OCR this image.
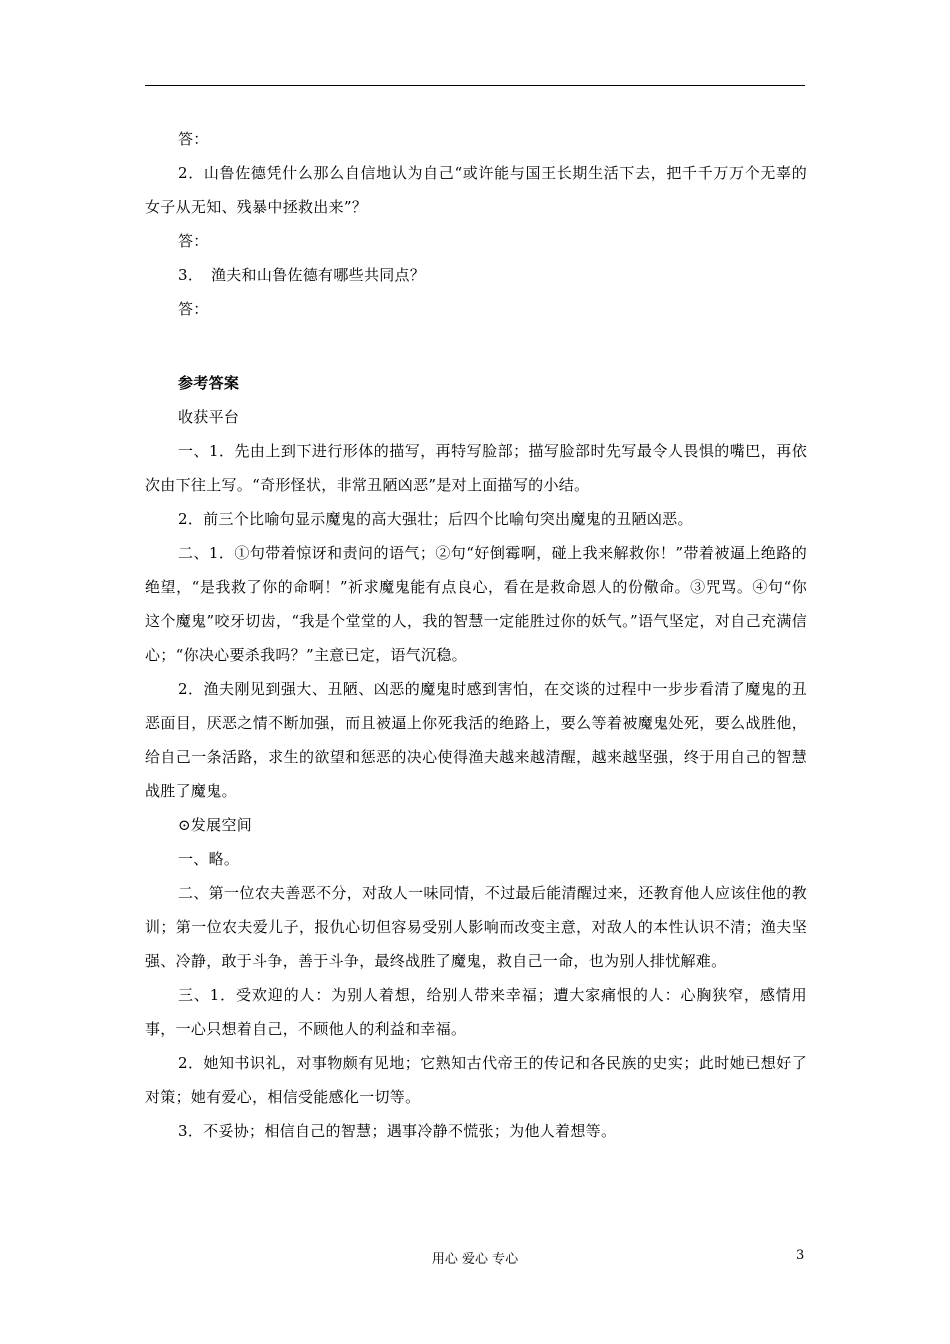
答：

2．山鲁佐德凭什么那么自信地认为自己“或许能与国王长期生活下去，把千千万万个无辜的女子从无知、残暴中拯救出来”？

答：

3．　渔夫和山鲁佐德有哪些共同点？

答：

参考答案

收获平台

一、1．先由上到下进行形体的描写，再特写脸部；描写脸部时先写最令人畏惧的嘴巴，再依次由下往上写。“奇形怪状，非常丑陋凶恶”是对上面描写的小结。

2．前三个比喻句显示魔鬼的高大强壮；后四个比喻句突出魔鬼的丑陋凶恶。

二、1．①句带着惊讶和责问的语气；②句“好倒霉啊，碰上我来解救你！”带着被逼上绝路的绝望，“是我救了你的命啊！”祈求魔鬼能有点良心，看在是救命恩人的份儆命。③咒骂。④句“你这个魔鬼”咬牙切齿，“我是个堂堂的人，我的智慧一定能胜过你的妖气。”语气坚定，对自己充满信心；“你决心要杀我吗？”主意已定，语气沉稳。

2．渔夫刚见到强大、丑陋、凶恶的魔鬼时感到害怕，在交谈的过程中一步步看清了魔鬼的丑恶面目，厌恶之情不断加强，而且被逼上你死我活的绝路上，要么等着被魔鬼处死，要么战胜他，给自己一条活路，求生的欲望和惩恶的决心使得渔夫越来越清醒，越来越坚强，终于用自己的智慧战胜了魔鬼。

⊙发展空间

一、略。

二、第一位农夫善恶不分，对敌人一味同情，不过最后能清醒过来，还教育他人应该住他的教训；第一位农夫爱儿子，报仇心切但容易受别人影响而改变主意，对敌人的本性认识不清；渔夫坚强、冷静，敢于斗争，善于斗争，最终战胜了魔鬼，救自己一命，也为别人排忧解难。

三、1．受欢迎的人：为别人着想，给别人带来幸福；遭大家痛恨的人：心胸狭窄，感情用事，一心只想着自己，不顾他人的利益和幸福。

2．她知书识礼，对事物颇有见地；它熟知古代帝王的传记和各民族的史实；此时她已想好了对策；她有爱心，相信受能感化一切等。

3．不妥协；相信自己的智慧；遇事冷静不慌张；为他人着想等。

用心 爱心 专心	3
